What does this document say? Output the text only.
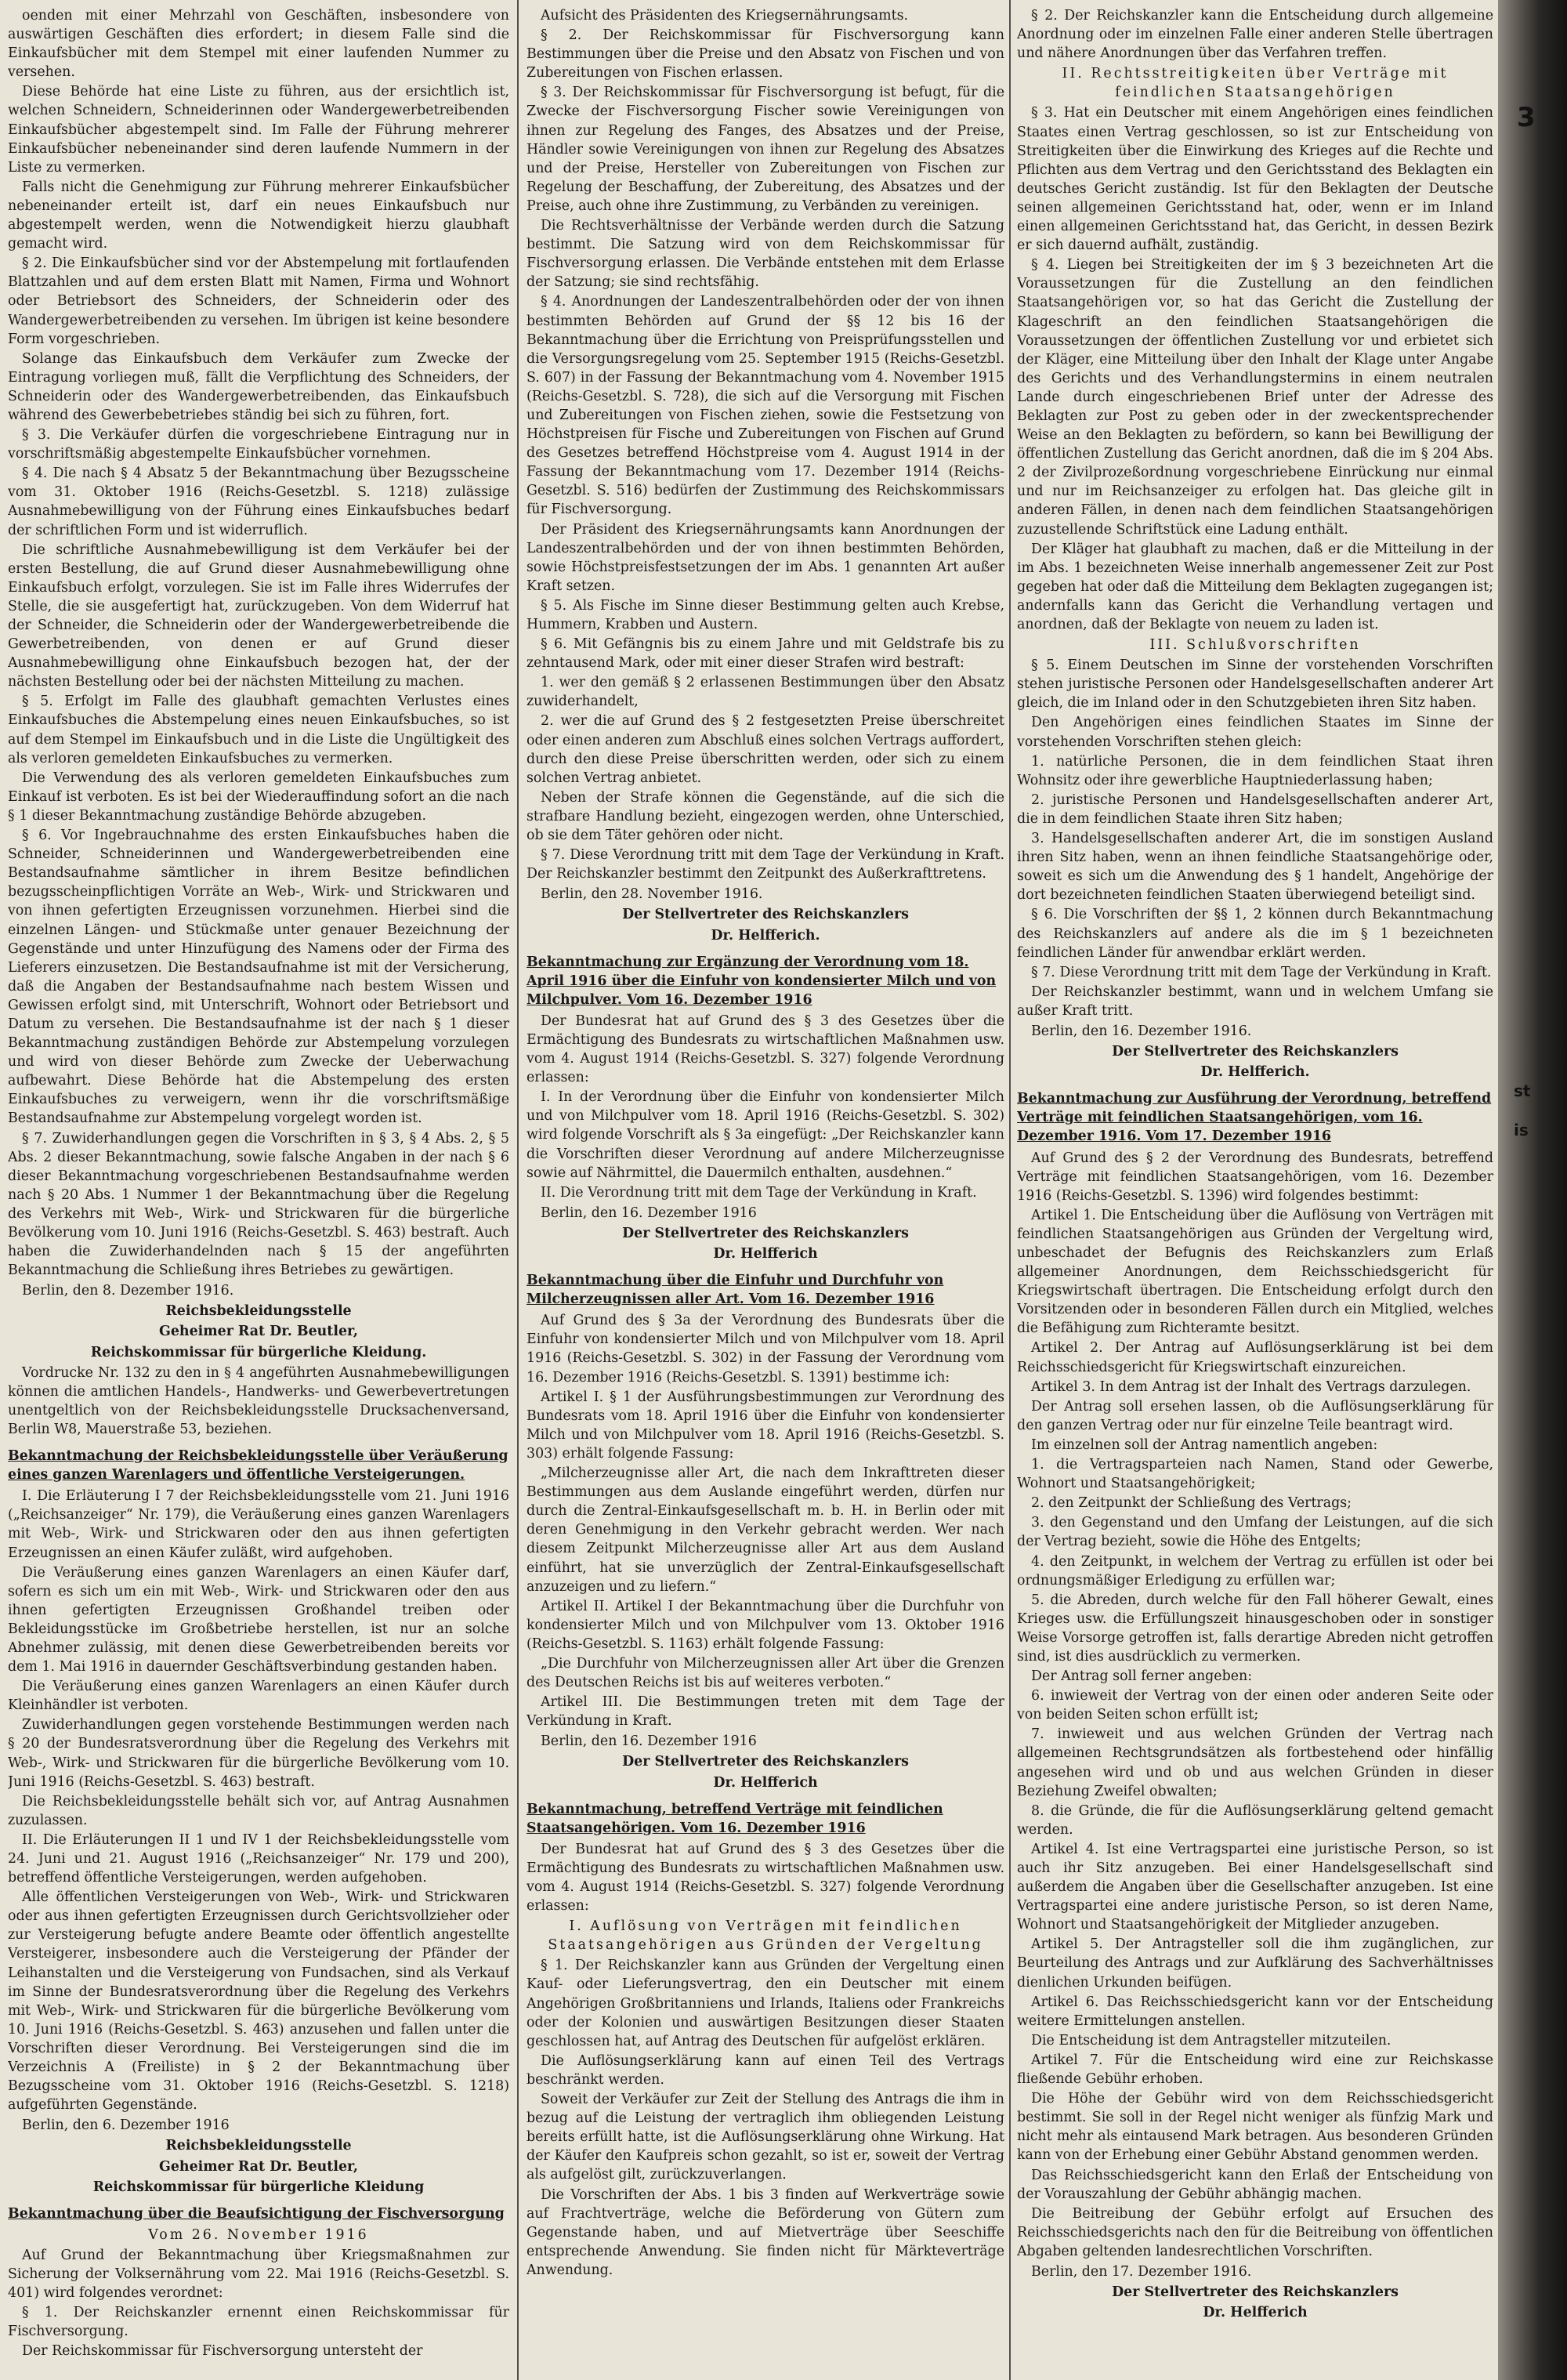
oenden mit einer Mehrzahl von Geschäften, insbesondere von auswärtigen Geschäften dies erfordert; in diesem Falle sind die Einkaufsbücher mit dem Stempel mit einer laufenden Nummer zu versehen.

Diese Behörde hat eine Liste zu führen, aus der ersichtlich ist, welchen Schneidern, Schneiderinnen oder Wandergewerbetreibenden Einkaufsbücher abgestempelt sind. Im Falle der Führung mehrerer Einkaufsbücher nebeneinander sind deren laufende Nummern in der Liste zu vermerken.

Falls nicht die Genehmigung zur Führung mehrerer Einkaufsbücher nebeneinander erteilt ist, darf ein neues Einkaufsbuch nur abgestempelt werden, wenn die Notwendigkeit hierzu glaubhaft gemacht wird.

§ 2. Die Einkaufsbücher sind vor der Abstempelung mit fortlaufenden Blattzahlen und auf dem ersten Blatt mit Namen, Firma und Wohnort oder Betriebsort des Schneiders, der Schneiderin oder des Wandergewerbetreibenden zu versehen. Im übrigen ist keine besondere Form vorgeschrieben.

Solange das Einkaufsbuch dem Verkäufer zum Zwecke der Eintragung vorliegen muß, fällt die Verpflichtung des Schneiders, der Schneiderin oder des Wandergewerbetreibenden, das Einkaufsbuch während des Gewerbebetriebes ständig bei sich zu führen, fort.

§ 3. Die Verkäufer dürfen die vorgeschriebene Eintragung nur in vorschriftsmäßig abgestempelte Einkaufsbücher vornehmen.

§ 4. Die nach § 4 Absatz 5 der Bekanntmachung über Bezugsscheine vom 31. Oktober 1916 (Reichs-Gesetzbl. S. 1218) zulässige Ausnahmebewilligung von der Führung eines Einkaufsbuches bedarf der schriftlichen Form und ist widerruflich.

Die schriftliche Ausnahmebewilligung ist dem Verkäufer bei der ersten Bestellung, die auf Grund dieser Ausnahmebewilligung ohne Einkaufsbuch erfolgt, vorzulegen. Sie ist im Falle ihres Widerrufes der Stelle, die sie ausgefertigt hat, zurückzugeben. Von dem Widerruf hat der Schneider, die Schneiderin oder der Wandergewerbetreibende die Gewerbetreibenden, von denen er auf Grund dieser Ausnahmebewilligung ohne Einkaufsbuch bezogen hat, der der nächsten Bestellung oder bei der nächsten Mitteilung zu machen.

§ 5. Erfolgt im Falle des glaubhaft gemachten Verlustes eines Einkaufsbuches die Abstempelung eines neuen Einkaufsbuches, so ist auf dem Stempel im Einkaufsbuch und in die Liste die Ungültigkeit des als verloren gemeldeten Einkaufsbuches zu vermerken.

Die Verwendung des als verloren gemeldeten Einkaufsbuches zum Einkauf ist verboten. Es ist bei der Wiederauffindung sofort an die nach § 1 dieser Bekanntmachung zuständige Behörde abzugeben.

§ 6. Vor Ingebrauchnahme des ersten Einkaufsbuches haben die Schneider, Schneiderinnen und Wandergewerbetreibenden eine Bestandsaufnahme sämtlicher in ihrem Besitze befindlichen bezugsscheinpflichtigen Vorräte an Web-, Wirk- und Strickwaren und von ihnen gefertigten Erzeugnissen vorzunehmen. Hierbei sind die einzelnen Längen- und Stückmaße unter genauer Bezeichnung der Gegenstände und unter Hinzufügung des Namens oder der Firma des Lieferers einzusetzen. Die Bestandsaufnahme ist mit der Versicherung, daß die Angaben der Bestandsaufnahme nach bestem Wissen und Gewissen erfolgt sind, mit Unterschrift, Wohnort oder Betriebsort und Datum zu versehen. Die Bestandsaufnahme ist der nach § 1 dieser Bekanntmachung zuständigen Behörde zur Abstempelung vorzulegen und wird von dieser Behörde zum Zwecke der Ueberwachung aufbewahrt. Diese Behörde hat die Abstempelung des ersten Einkaufsbuches zu verweigern, wenn ihr die vorschriftsmäßige Bestandsaufnahme zur Abstempelung vorgelegt worden ist.

§ 7. Zuwiderhandlungen gegen die Vorschriften in § 3, § 4 Abs. 2, § 5 Abs. 2 dieser Bekanntmachung, sowie falsche Angaben in der nach § 6 dieser Bekanntmachung vorgeschriebenen Bestandsaufnahme werden nach § 20 Abs. 1 Nummer 1 der Bekanntmachung über die Regelung des Verkehrs mit Web-, Wirk- und Strickwaren für die bürgerliche Bevölkerung vom 10. Juni 1916 (Reichs-Gesetzbl. S. 463) bestraft. Auch haben die Zuwiderhandelnden nach § 15 der angeführten Bekanntmachung die Schließung ihres Betriebes zu gewärtigen.

Berlin, den 8. Dezember 1916.

Reichsbekleidungsstelle

Geheimer Rat Dr. Beutler,

Reichskommissar für bürgerliche Kleidung.

Vordrucke Nr. 132 zu den in § 4 angeführten Ausnahmebewilligungen können die amtlichen Handels-, Handwerks- und Gewerbevertretungen unentgeltlich von der Reichsbekleidungsstelle Drucksachenversand, Berlin W8, Mauerstraße 53, beziehen.

Bekanntmachung der Reichsbekleidungsstelle über Veräußerung eines ganzen Warenlagers und öffentliche Versteigerungen.

I. Die Erläuterung I 7 der Reichsbekleidungsstelle vom 21. Juni 1916 („Reichsanzeiger“ Nr. 179), die Veräußerung eines ganzen Warenlagers mit Web-, Wirk- und Strickwaren oder den aus ihnen gefertigten Erzeugnissen an einen Käufer zuläßt, wird aufgehoben.

Die Veräußerung eines ganzen Warenlagers an einen Käufer darf, sofern es sich um ein mit Web-, Wirk- und Strickwaren oder den aus ihnen gefertigten Erzeugnissen Großhandel treiben oder Bekleidungsstücke im Großbetriebe herstellen, ist nur an solche Abnehmer zulässig, mit denen diese Gewerbetreibenden bereits vor dem 1. Mai 1916 in dauernder Geschäftsverbindung gestanden haben.

Die Veräußerung eines ganzen Warenlagers an einen Käufer durch Kleinhändler ist verboten.

Zuwiderhandlungen gegen vorstehende Bestimmungen werden nach § 20 der Bundesratsverordnung über die Regelung des Verkehrs mit Web-, Wirk- und Strickwaren für die bürgerliche Bevölkerung vom 10. Juni 1916 (Reichs-Gesetzbl. S. 463) bestraft.

Die Reichsbekleidungsstelle behält sich vor, auf Antrag Ausnahmen zuzulassen.

II. Die Erläuterungen II 1 und IV 1 der Reichsbekleidungsstelle vom 24. Juni und 21. August 1916 („Reichsanzeiger“ Nr. 179 und 200), betreffend öffentliche Versteigerungen, werden aufgehoben.

Alle öffentlichen Versteigerungen von Web-, Wirk- und Strickwaren oder aus ihnen gefertigten Erzeugnissen durch Gerichtsvollzieher oder zur Versteigerung befugte andere Beamte oder öffentlich angestellte Versteigerer, insbesondere auch die Versteigerung der Pfänder der Leihanstalten und die Versteigerung von Fundsachen, sind als Verkauf im Sinne der Bundesratsverordnung über die Regelung des Verkehrs mit Web-, Wirk- und Strickwaren für die bürgerliche Bevölkerung vom 10. Juni 1916 (Reichs-Gesetzbl. S. 463) anzusehen und fallen unter die Vorschriften dieser Verordnung. Bei Versteigerungen sind die im Verzeichnis A (Freiliste) in § 2 der Bekanntmachung über Bezugsscheine vom 31. Oktober 1916 (Reichs-Gesetzbl. S. 1218) aufgeführten Gegenstände.

Berlin, den 6. Dezember 1916

Reichsbekleidungsstelle

Geheimer Rat Dr. Beutler,

Reichskommissar für bürgerliche Kleidung

Bekanntmachung über die Beaufsichtigung der Fischversorgung

Vom 26. November 1916

Auf Grund der Bekanntmachung über Kriegsmaßnahmen zur Sicherung der Volksernährung vom 22. Mai 1916 (Reichs-Gesetzbl. S. 401) wird folgendes verordnet:

§ 1. Der Reichskanzler ernennt einen Reichskommissar für Fischversorgung.

Der Reichskommissar für Fischversorgung untersteht der

Aufsicht des Präsidenten des Kriegsernährungsamts.

§ 2. Der Reichskommissar für Fischversorgung kann Bestimmungen über die Preise und den Absatz von Fischen und von Zubereitungen von Fischen erlassen.

§ 3. Der Reichskommissar für Fischversorgung ist befugt, für die Zwecke der Fischversorgung Fischer sowie Vereinigungen von ihnen zur Regelung des Fanges, des Absatzes und der Preise, Händler sowie Vereinigungen von ihnen zur Regelung des Absatzes und der Preise, Hersteller von Zubereitungen von Fischen zur Regelung der Beschaffung, der Zubereitung, des Absatzes und der Preise, auch ohne ihre Zustimmung, zu Verbänden zu vereinigen.

Die Rechtsverhältnisse der Verbände werden durch die Satzung bestimmt. Die Satzung wird von dem Reichskommissar für Fischversorgung erlassen. Die Verbände entstehen mit dem Erlasse der Satzung; sie sind rechtsfähig.

§ 4. Anordnungen der Landeszentralbehörden oder der von ihnen bestimmten Behörden auf Grund der §§ 12 bis 16 der Bekanntmachung über die Errichtung von Preisprüfungsstellen und die Versorgungsregelung vom 25. September 1915 (Reichs-Gesetzbl. S. 607) in der Fassung der Bekanntmachung vom 4. November 1915 (Reichs-Gesetzbl. S. 728), die sich auf die Versorgung mit Fischen und Zubereitungen von Fischen ziehen, sowie die Festsetzung von Höchstpreisen für Fische und Zubereitungen von Fischen auf Grund des Gesetzes betreffend Höchstpreise vom 4. August 1914 in der Fassung der Bekanntmachung vom 17. Dezember 1914 (Reichs-Gesetzbl. S. 516) bedürfen der Zustimmung des Reichskommissars für Fischversorgung.

Der Präsident des Kriegsernährungsamts kann Anordnungen der Landeszentralbehörden und der von ihnen bestimmten Behörden, sowie Höchstpreisfestsetzungen der im Abs. 1 genannten Art außer Kraft setzen.

§ 5. Als Fische im Sinne dieser Bestimmung gelten auch Krebse, Hummern, Krabben und Austern.

§ 6. Mit Gefängnis bis zu einem Jahre und mit Geldstrafe bis zu zehntausend Mark, oder mit einer dieser Strafen wird bestraft:

1. wer den gemäß § 2 erlassenen Bestimmungen über den Absatz zuwiderhandelt,

2. wer die auf Grund des § 2 festgesetzten Preise überschreitet oder einen anderen zum Abschluß eines solchen Vertrags auffordert, durch den diese Preise überschritten werden, oder sich zu einem solchen Vertrag anbietet.

Neben der Strafe können die Gegenstände, auf die sich die strafbare Handlung bezieht, eingezogen werden, ohne Unterschied, ob sie dem Täter gehören oder nicht.

§ 7. Diese Verordnung tritt mit dem Tage der Verkündung in Kraft. Der Reichskanzler bestimmt den Zeitpunkt des Außerkrafttretens.

Berlin, den 28. November 1916.

Der Stellvertreter des Reichskanzlers

Dr. Helfferich.

Bekanntmachung zur Ergänzung der Verordnung vom 18. April 1916 über die Einfuhr von kondensierter Milch und von Milchpulver. Vom 16. Dezember 1916

Der Bundesrat hat auf Grund des § 3 des Gesetzes über die Ermächtigung des Bundesrats zu wirtschaftlichen Maßnahmen usw. vom 4. August 1914 (Reichs-Gesetzbl. S. 327) folgende Verordnung erlassen:

I. In der Verordnung über die Einfuhr von kondensierter Milch und von Milchpulver vom 18. April 1916 (Reichs-Gesetzbl. S. 302) wird folgende Vorschrift als § 3a eingefügt: „Der Reichskanzler kann die Vorschriften dieser Verordnung auf andere Milcherzeugnisse sowie auf Nährmittel, die Dauermilch enthalten, ausdehnen.“

II. Die Verordnung tritt mit dem Tage der Verkündung in Kraft.

Berlin, den 16. Dezember 1916

Der Stellvertreter des Reichskanzlers

Dr. Helfferich

Bekanntmachung über die Einfuhr und Durchfuhr von Milcherzeugnissen aller Art. Vom 16. Dezember 1916

Auf Grund des § 3a der Verordnung des Bundesrats über die Einfuhr von kondensierter Milch und von Milchpulver vom 18. April 1916 (Reichs-Gesetzbl. S. 302) in der Fassung der Verordnung vom 16. Dezember 1916 (Reichs-Gesetzbl. S. 1391) bestimme ich:

Artikel I. § 1 der Ausführungsbestimmungen zur Verordnung des Bundesrats vom 18. April 1916 über die Einfuhr von kondensierter Milch und von Milchpulver vom 18. April 1916 (Reichs-Gesetzbl. S. 303) erhält folgende Fassung:

„Milcherzeugnisse aller Art, die nach dem Inkrafttreten dieser Bestimmungen aus dem Auslande eingeführt werden, dürfen nur durch die Zentral-Einkaufsgesellschaft m. b. H. in Berlin oder mit deren Genehmigung in den Verkehr gebracht werden. Wer nach diesem Zeitpunkt Milcherzeugnisse aller Art aus dem Ausland einführt, hat sie unverzüglich der Zentral-Einkaufsgesellschaft anzuzeigen und zu liefern.“

Artikel II. Artikel I der Bekanntmachung über die Durchfuhr von kondensierter Milch und von Milchpulver vom 13. Oktober 1916 (Reichs-Gesetzbl. S. 1163) erhält folgende Fassung:

„Die Durchfuhr von Milcherzeugnissen aller Art über die Grenzen des Deutschen Reichs ist bis auf weiteres verboten.“

Artikel III. Die Bestimmungen treten mit dem Tage der Verkündung in Kraft.

Berlin, den 16. Dezember 1916

Der Stellvertreter des Reichskanzlers

Dr. Helfferich

Bekanntmachung, betreffend Verträge mit feindlichen Staatsangehörigen. Vom 16. Dezember 1916

Der Bundesrat hat auf Grund des § 3 des Gesetzes über die Ermächtigung des Bundesrats zu wirtschaftlichen Maßnahmen usw. vom 4. August 1914 (Reichs-Gesetzbl. S. 327) folgende Verordnung erlassen:

I. Auflösung von Verträgen mit feindlichen Staatsangehörigen aus Gründen der Vergeltung

§ 1. Der Reichskanzler kann aus Gründen der Vergeltung einen Kauf- oder Lieferungsvertrag, den ein Deutscher mit einem Angehörigen Großbritanniens und Irlands, Italiens oder Frankreichs oder der Kolonien und auswärtigen Besitzungen dieser Staaten geschlossen hat, auf Antrag des Deutschen für aufgelöst erklären.

Die Auflösungserklärung kann auf einen Teil des Vertrags beschränkt werden.

Soweit der Verkäufer zur Zeit der Stellung des Antrags die ihm in bezug auf die Leistung der vertraglich ihm obliegenden Leistung bereits erfüllt hatte, ist die Auflösungserklärung ohne Wirkung. Hat der Käufer den Kaufpreis schon gezahlt, so ist er, soweit der Vertrag als aufgelöst gilt, zurückzuverlangen.

Die Vorschriften der Abs. 1 bis 3 finden auf Werkverträge sowie auf Frachtverträge, welche die Beförderung von Gütern zum Gegenstande haben, und auf Mietverträge über Seeschiffe entsprechende Anwendung. Sie finden nicht für Märkteverträge Anwendung.

§ 2. Der Reichskanzler kann die Entscheidung durch allgemeine Anordnung oder im einzelnen Falle einer anderen Stelle übertragen und nähere Anordnungen über das Verfahren treffen.

II. Rechtsstreitigkeiten über Verträge mit feindlichen Staatsangehörigen

§ 3. Hat ein Deutscher mit einem Angehörigen eines feindlichen Staates einen Vertrag geschlossen, so ist zur Entscheidung von Streitigkeiten über die Einwirkung des Krieges auf die Rechte und Pflichten aus dem Vertrag und den Gerichtsstand des Beklagten ein deutsches Gericht zuständig. Ist für den Beklagten der Deutsche seinen allgemeinen Gerichtsstand hat, oder, wenn er im Inland einen allgemeinen Gerichtsstand hat, das Gericht, in dessen Bezirk er sich dauernd aufhält, zuständig.

§ 4. Liegen bei Streitigkeiten der im § 3 bezeichneten Art die Voraussetzungen für die Zustellung an den feindlichen Staatsangehörigen vor, so hat das Gericht die Zustellung der Klageschrift an den feindlichen Staatsangehörigen die Voraussetzungen der öffentlichen Zustellung vor und erbietet sich der Kläger, eine Mitteilung über den Inhalt der Klage unter Angabe des Gerichts und des Verhandlungstermins in einem neutralen Lande durch eingeschriebenen Brief unter der Adresse des Beklagten zur Post zu geben oder in der zweckentsprechender Weise an den Beklagten zu befördern, so kann bei Bewilligung der öffentlichen Zustellung das Gericht anordnen, daß die im § 204 Abs. 2 der Zivilprozeßordnung vorgeschriebene Einrückung nur einmal und nur im Reichsanzeiger zu erfolgen hat. Das gleiche gilt in anderen Fällen, in denen nach dem feindlichen Staatsangehörigen zuzustellende Schriftstück eine Ladung enthält.

Der Kläger hat glaubhaft zu machen, daß er die Mitteilung in der im Abs. 1 bezeichneten Weise innerhalb angemessener Zeit zur Post gegeben hat oder daß die Mitteilung dem Beklagten zugegangen ist; andernfalls kann das Gericht die Verhandlung vertagen und anordnen, daß der Beklagte von neuem zu laden ist.

III. Schlußvorschriften

§ 5. Einem Deutschen im Sinne der vorstehenden Vorschriften stehen juristische Personen oder Handelsgesellschaften anderer Art gleich, die im Inland oder in den Schutzgebieten ihren Sitz haben.

Den Angehörigen eines feindlichen Staates im Sinne der vorstehenden Vorschriften stehen gleich:

1. natürliche Personen, die in dem feindlichen Staat ihren Wohnsitz oder ihre gewerbliche Hauptniederlassung haben;

2. juristische Personen und Handelsgesellschaften anderer Art, die in dem feindlichen Staate ihren Sitz haben;

3. Handelsgesellschaften anderer Art, die im sonstigen Ausland ihren Sitz haben, wenn an ihnen feindliche Staatsangehörige oder, soweit es sich um die Anwendung des § 1 handelt, Angehörige der dort bezeichneten feindlichen Staaten überwiegend beteiligt sind.

§ 6. Die Vorschriften der §§ 1, 2 können durch Bekanntmachung des Reichskanzlers auf andere als die im § 1 bezeichneten feindlichen Länder für anwendbar erklärt werden.

§ 7. Diese Verordnung tritt mit dem Tage der Verkündung in Kraft.

Der Reichskanzler bestimmt, wann und in welchem Umfang sie außer Kraft tritt.

Berlin, den 16. Dezember 1916.

Der Stellvertreter des Reichskanzlers

Dr. Helfferich.

Bekanntmachung zur Ausführung der Verordnung, betreffend Verträge mit feindlichen Staatsangehörigen, vom 16. Dezember 1916. Vom 17. Dezember 1916

Auf Grund des § 2 der Verordnung des Bundesrats, betreffend Verträge mit feindlichen Staatsangehörigen, vom 16. Dezember 1916 (Reichs-Gesetzbl. S. 1396) wird folgendes bestimmt:

Artikel 1. Die Entscheidung über die Auflösung von Verträgen mit feindlichen Staatsangehörigen aus Gründen der Vergeltung wird, unbeschadet der Befugnis des Reichskanzlers zum Erlaß allgemeiner Anordnungen, dem Reichsschiedsgericht für Kriegswirtschaft übertragen. Die Entscheidung erfolgt durch den Vorsitzenden oder in besonderen Fällen durch ein Mitglied, welches die Befähigung zum Richteramte besitzt.

Artikel 2. Der Antrag auf Auflösungserklärung ist bei dem Reichsschiedsgericht für Kriegswirtschaft einzureichen.

Artikel 3. In dem Antrag ist der Inhalt des Vertrags darzulegen.

Der Antrag soll ersehen lassen, ob die Auflösungserklärung für den ganzen Vertrag oder nur für einzelne Teile beantragt wird.

Im einzelnen soll der Antrag namentlich angeben:

1. die Vertragsparteien nach Namen, Stand oder Gewerbe, Wohnort und Staatsangehörigkeit;

2. den Zeitpunkt der Schließung des Vertrags;

3. den Gegenstand und den Umfang der Leistungen, auf die sich der Vertrag bezieht, sowie die Höhe des Entgelts;

4. den Zeitpunkt, in welchem der Vertrag zu erfüllen ist oder bei ordnungsmäßiger Erledigung zu erfüllen war;

5. die Abreden, durch welche für den Fall höherer Gewalt, eines Krieges usw. die Erfüllungszeit hinausgeschoben oder in sonstiger Weise Vorsorge getroffen ist, falls derartige Abreden nicht getroffen sind, ist dies ausdrücklich zu vermerken.

Der Antrag soll ferner angeben:

6. inwieweit der Vertrag von der einen oder anderen Seite oder von beiden Seiten schon erfüllt ist;

7. inwieweit und aus welchen Gründen der Vertrag nach allgemeinen Rechtsgrundsätzen als fortbestehend oder hinfällig angesehen wird und ob und aus welchen Gründen in dieser Beziehung Zweifel obwalten;

8. die Gründe, die für die Auflösungserklärung geltend gemacht werden.

Artikel 4. Ist eine Vertragspartei eine juristische Person, so ist auch ihr Sitz anzugeben. Bei einer Handelsgesellschaft sind außerdem die Angaben über die Gesellschafter anzugeben. Ist eine Vertragspartei eine andere juristische Person, so ist deren Name, Wohnort und Staatsangehörigkeit der Mitglieder anzugeben.

Artikel 5. Der Antragsteller soll die ihm zugänglichen, zur Beurteilung des Antrags und zur Aufklärung des Sachverhältnisses dienlichen Urkunden beifügen.

Artikel 6. Das Reichsschiedsgericht kann vor der Entscheidung weitere Ermittelungen anstellen.

Die Entscheidung ist dem Antragsteller mitzuteilen.

Artikel 7. Für die Entscheidung wird eine zur Reichskasse fließende Gebühr erhoben.

Die Höhe der Gebühr wird von dem Reichsschiedsgericht bestimmt. Sie soll in der Regel nicht weniger als fünfzig Mark und nicht mehr als eintausend Mark betragen. Aus besonderen Gründen kann von der Erhebung einer Gebühr Abstand genommen werden.

Das Reichsschiedsgericht kann den Erlaß der Entscheidung von der Vorauszahlung der Gebühr abhängig machen.

Die Beitreibung der Gebühr erfolgt auf Ersuchen des Reichsschiedsgerichts nach den für die Beitreibung von öffentlichen Abgaben geltenden landesrechtlichen Vorschriften.

Berlin, den 17. Dezember 1916.

Der Stellvertreter des Reichskanzlers

Dr. Helfferich

3
st
is
